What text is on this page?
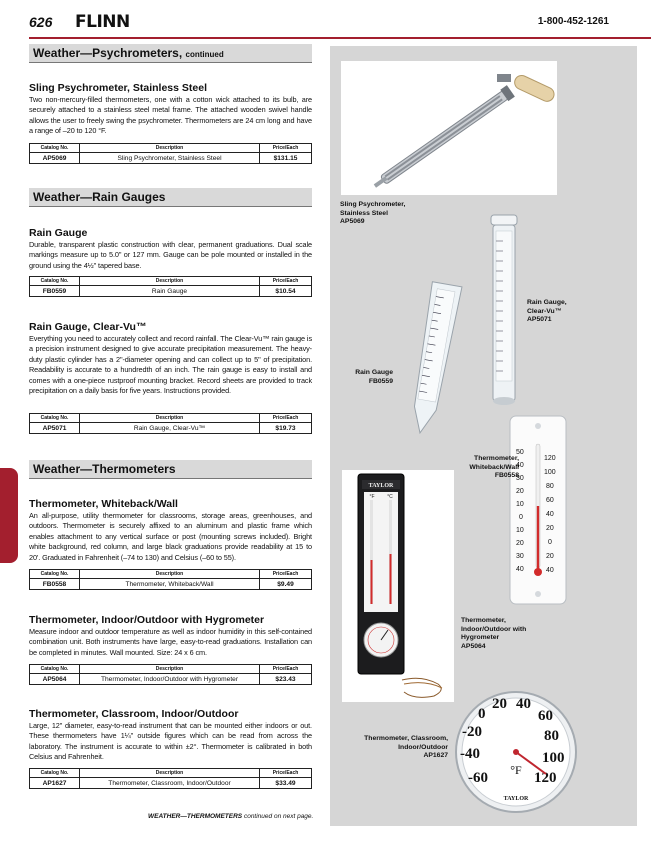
626 FLINN	1-800-452-1261
Weather—Psychrometers, continued
Sling Psychrometer, Stainless Steel

Two non-mercury-filled thermometers, one with a cotton wick attached to its bulb, are securely attached to a stainless steel metal frame. The attached wooden swivel handle allows the user to freely swing the psychrometer. Thermometers are 24 cm long and have a range of –20 to 120 °F.

Catalog No.	Description	Price/Each
AP5069	Sling Psychrometer, Stainless Steel	$131.15
Weather—Rain Gauges
Rain Gauge

Durable, transparent plastic construction with clear, permanent graduations. Dual scale markings measure up to 5.0" or 127 mm. Gauge can be pole mounted or installed in the ground using the 4½" tapered base.

Catalog No.	Description	Price/Each
FB0559	Rain Gauge	$10.54
Rain Gauge, Clear-Vu™

Everything you need to accurately collect and record rainfall. The Clear-Vu™ rain gauge is a precision instrument designed to give accurate precipitation measurement. The heavy-duty plastic cylinder has a 2"-diameter opening and can collect up to 5" of precipitation. Readability is accurate to a hundredth of an inch. The rain gauge is easy to install and comes with a one-piece rustproof mounting bracket. Record sheets are provided to track precipitation on a daily basis for five years. Instructions provided.

Catalog No.	Description	Price/Each
AP5071	Rain Gauge, Clear-Vu™	$19.73
Weather—Thermometers
Thermometer, Whiteback/Wall

An all-purpose, utility thermometer for classrooms, storage areas, greenhouses, and outdoors. Thermometer is securely affixed to an aluminum and plastic frame which enables attachment to any vertical surface or post (mounting screws included). Bright white background, red column, and large black graduations provide readability at 15 to 20'. Graduated in Fahrenheit (–74 to 130) and Celsius (–60 to 55).

Catalog No.	Description	Price/Each
FB0558	Thermometer, Whiteback/Wall	$9.49
Thermometer, Indoor/Outdoor with Hygrometer

Measure indoor and outdoor temperature as well as indoor humidity in this self-contained combination unit. Both instruments have large, easy-to-read graduations. Installation can be completed in minutes. Wall mounted. Size: 24 x 6 cm.

Catalog No.	Description	Price/Each
AP5064	Thermometer, Indoor/Outdoor with Hygrometer	$23.43
Thermometer, Classroom, Indoor/Outdoor

Large, 12" diameter, easy-to-read instrument that can be mounted either indoors or out. These thermometers have 1¼" outside figures which can be read from across the laboratory. The instrument is accurate to within ±2°. Thermometer is calibrated in both Celsius and Fahrenheit.

Catalog No.	Description	Price/Each
AP1627	Thermometer, Classroom, Indoor/Outdoor	$33.49
WEATHER—THERMOMETERS continued on next page.
Sling Psychrometer,
Stainless Steel
AP5069
Rain Gauge,
Clear-Vu™
AP5071
Rain Gauge
FB0559
50
40
30
20
10
0
10
20
30
40
120
100
80
60
40
20
0
20
40
Thermometer,
Whiteback/Wall
FB0558
TAYLOR
°F	°C
Thermometer,
Indoor/Outdoor with
Hygrometer
AP5064
-60
-40
-20
0
20 40
60
80
100
120
°F
TAYLOR
Thermometer, Classroom,
Indoor/Outdoor
AP1627
